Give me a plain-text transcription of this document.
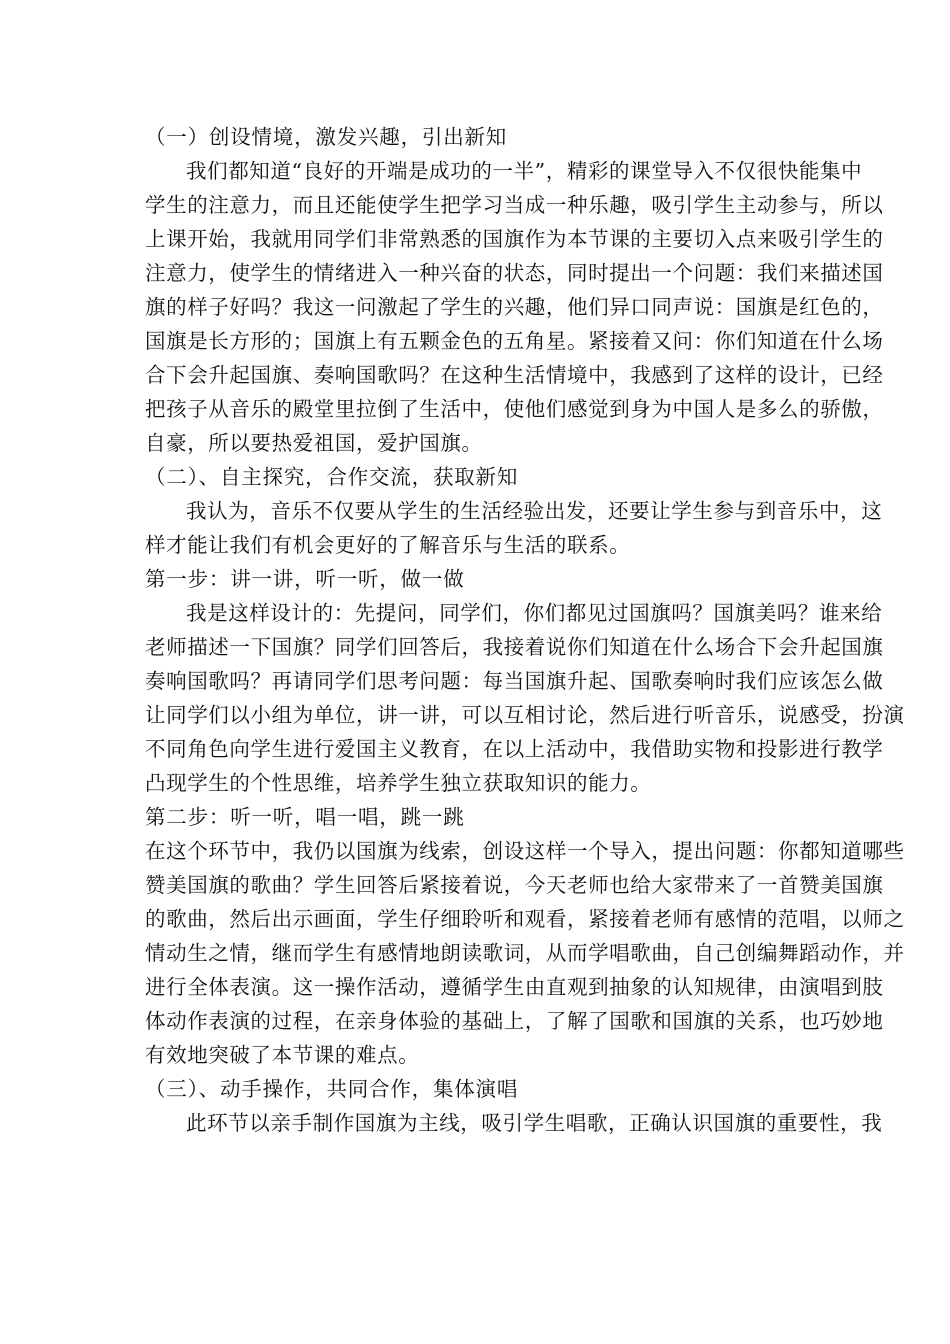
（一）创设情境，激发兴趣，引出新知
我们都知道“良好的开端是成功的一半”，精彩的课堂导入不仅很快能集中
学生的注意力，而且还能使学生把学习当成一种乐趣，吸引学生主动参与，所以
上课开始，我就用同学们非常熟悉的国旗作为本节课的主要切入点来吸引学生的
注意力，使学生的情绪进入一种兴奋的状态，同时提出一个问题：我们来描述国
旗的样子好吗？我这一问激起了学生的兴趣，他们异口同声说：国旗是红色的，
国旗是长方形的；国旗上有五颗金色的五角星。紧接着又问：你们知道在什么场
合下会升起国旗、奏响国歌吗？在这种生活情境中，我感到了这样的设计，已经
把孩子从音乐的殿堂里拉倒了生活中，使他们感觉到身为中国人是多么的骄傲，
自豪，所以要热爱祖国，爱护国旗。
（二）、自主探究，合作交流，获取新知
我认为，音乐不仅要从学生的生活经验出发，还要让学生参与到音乐中，这
样才能让我们有机会更好的了解音乐与生活的联系。
第一步：讲一讲，听一听，做一做
我是这样设计的：先提问，同学们，你们都见过国旗吗？国旗美吗？谁来给
老师描述一下国旗？同学们回答后，我接着说你们知道在什么场合下会升起国旗
奏响国歌吗？再请同学们思考问题：每当国旗升起、国歌奏响时我们应该怎么做
让同学们以小组为单位，讲一讲，可以互相讨论，然后进行听音乐，说感受，扮演
不同角色向学生进行爱国主义教育，在以上活动中，我借助实物和投影进行教学
凸现学生的个性思维，培养学生独立获取知识的能力。
第二步：听一听，唱一唱，跳一跳
在这个环节中，我仍以国旗为线索，创设这样一个导入，提出问题：你都知道哪些
赞美国旗的歌曲？学生回答后紧接着说，今天老师也给大家带来了一首赞美国旗
的歌曲，然后出示画面，学生仔细聆听和观看，紧接着老师有感情的范唱，以师之
情动生之情，继而学生有感情地朗读歌词，从而学唱歌曲，自己创编舞蹈动作，并
进行全体表演。这一操作活动，遵循学生由直观到抽象的认知规律，由演唱到肢
体动作表演的过程，在亲身体验的基础上，了解了国歌和国旗的关系，也巧妙地
有效地突破了本节课的难点。
（三）、动手操作，共同合作，集体演唱
此环节以亲手制作国旗为主线，吸引学生唱歌，正确认识国旗的重要性，我
